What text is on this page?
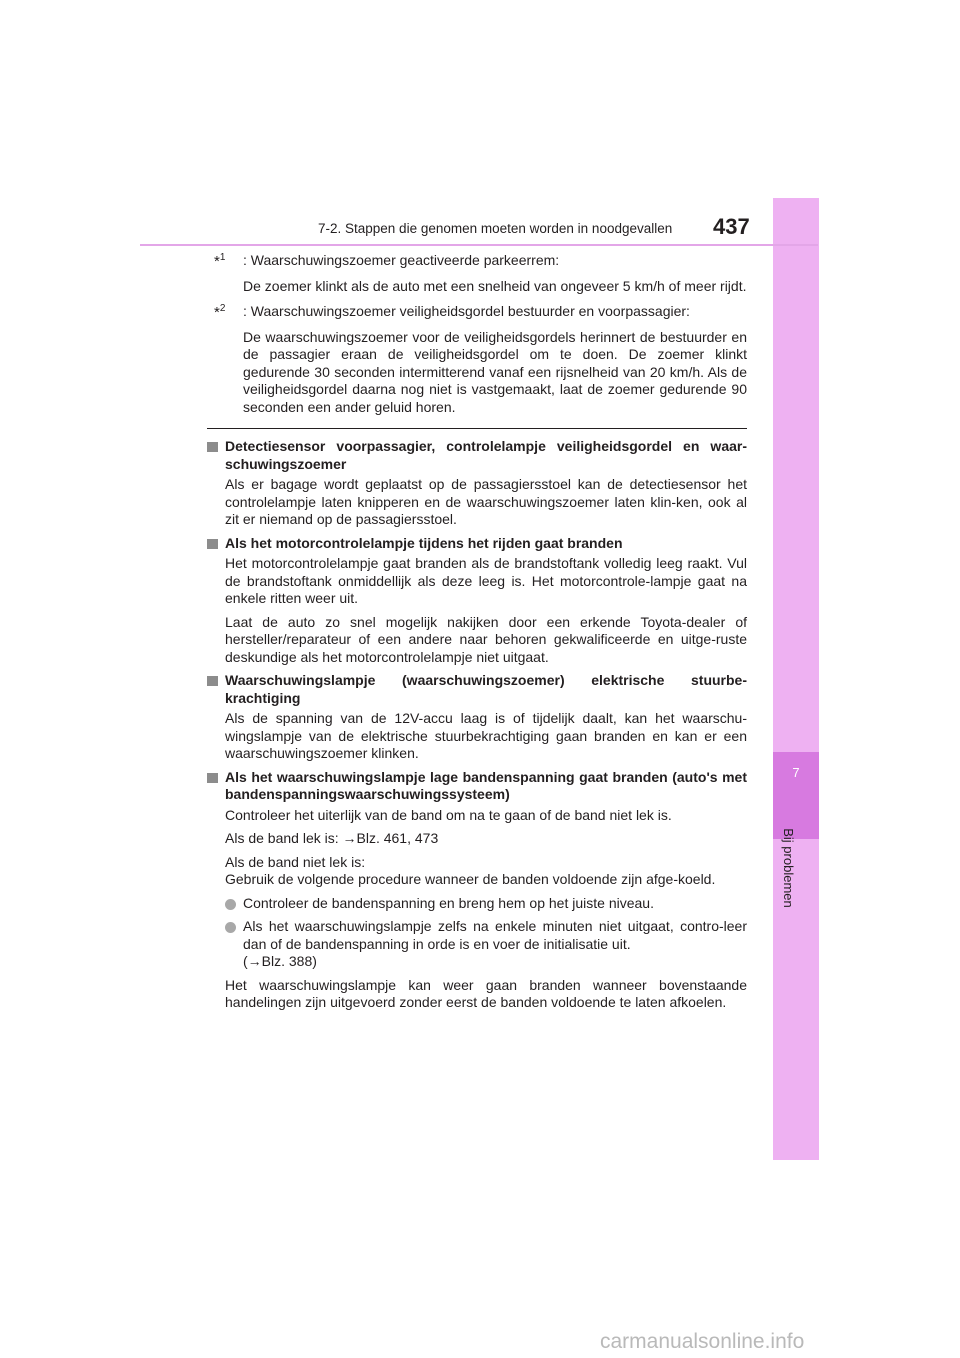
7
Bij problemen
7-2. Stappen die genomen moeten worden in noodgevallen 437
*$^1$ : Waarschuwingszoemer geactiveerde parkeerrem:
De zoemer klinkt als de auto met een snelheid van ongeveer 5 km/h of meer rijdt.
*$^2$ : Waarschuwingszoemer veiligheidsgordel bestuurder en voorpassagier:
De waarschuwingszoemer voor de veiligheidsgordels herinnert de bestuurder en de passagier eraan de veiligheidsgordel om te doen. De zoemer klinkt gedurende 30 seconden intermitterend vanaf een rijsnelheid van 20 km/h. Als de veiligheidsgordel daarna nog niet is vastgemaakt, laat de zoemer gedurende 90 seconden een ander geluid horen.
Detectiesensor voorpassagier, controlelampje veiligheidsgordel en waar-schuwingszoemer
Als er bagage wordt geplaatst op de passagiersstoel kan de detectiesensor het controlelampje laten knipperen en de waarschuwingszoemer laten klin-ken, ook al zit er niemand op de passagiersstoel.
Als het motorcontrolelampje tijdens het rijden gaat branden
Het motorcontrolelampje gaat branden als de brandstoftank volledig leeg raakt. Vul de brandstoftank onmiddellijk als deze leeg is. Het motorcontrole-lampje gaat na enkele ritten weer uit.
Laat de auto zo snel mogelijk nakijken door een erkende Toyota-dealer of hersteller/reparateur of een andere naar behoren gekwalificeerde en uitge-ruste deskundige als het motorcontrolelampje niet uitgaat.
Waarschuwingslampje (waarschuwingszoemer) elektrische stuurbe-krachtiging
Als de spanning van de 12V-accu laag is of tijdelijk daalt, kan het waarschu-wingslampje van de elektrische stuurbekrachtiging gaan branden en kan er een waarschuwingszoemer klinken.
Als het waarschuwingslampje lage bandenspanning gaat branden (auto's met bandenspanningswaarschuwingssysteem)
Controleer het uiterlijk van de band om na te gaan of de band niet lek is.
Als de band lek is: →Blz. 461, 473
Als de band niet lek is:
Gebruik de volgende procedure wanneer de banden voldoende zijn afge-koeld.
Controleer de bandenspanning en breng hem op het juiste niveau.
Als het waarschuwingslampje zelfs na enkele minuten niet uitgaat, contro-leer dan of de bandenspanning in orde is en voer de initialisatie uit.
(→Blz. 388)
Het waarschuwingslampje kan weer gaan branden wanneer bovenstaande handelingen zijn uitgevoerd zonder eerst de banden voldoende te laten afkoelen.
carmanualsonline.info
